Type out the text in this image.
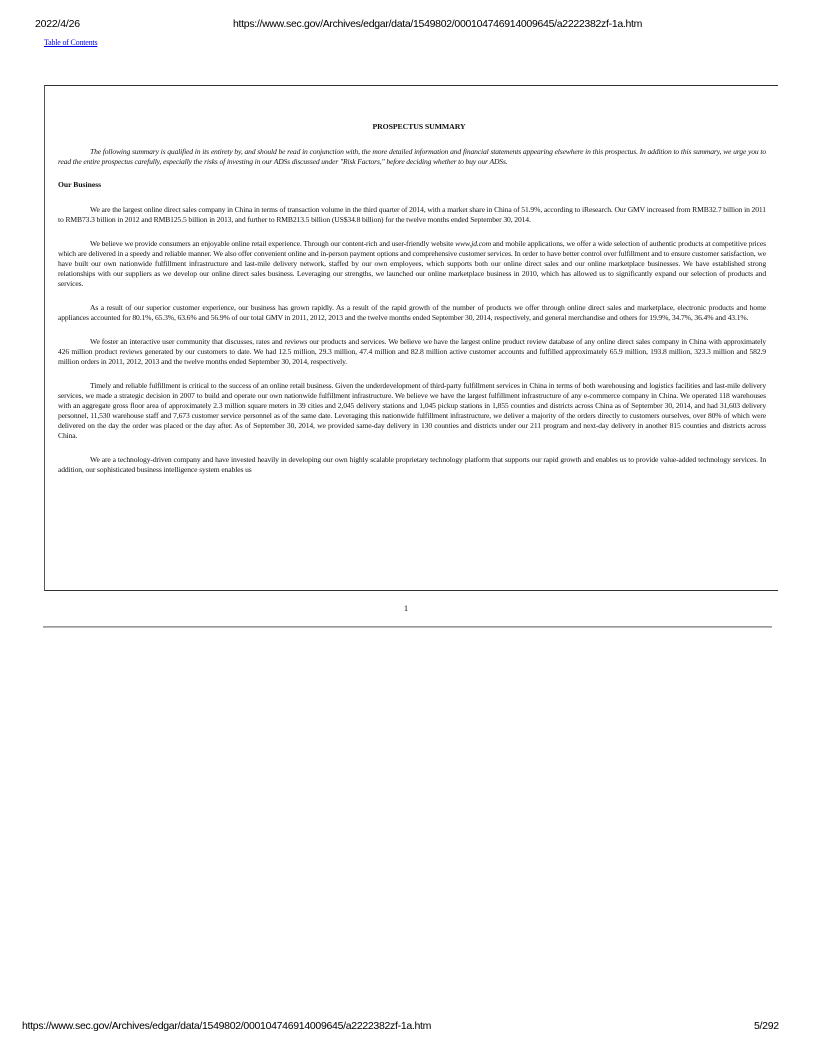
2022/4/26	https://www.sec.gov/Archives/edgar/data/1549802/000104746914009645/a2222382zf-1a.htm
Table of Contents
PROSPECTUS SUMMARY
The following summary is qualified in its entirety by, and should be read in conjunction with, the more detailed information and financial statements appearing elsewhere in this prospectus. In addition to this summary, we urge you to read the entire prospectus carefully, especially the risks of investing in our ADSs discussed under "Risk Factors," before deciding whether to buy our ADSs.
Our Business
We are the largest online direct sales company in China in terms of transaction volume in the third quarter of 2014, with a market share in China of 51.9%, according to iResearch. Our GMV increased from RMB32.7 billion in 2011 to RMB73.3 billion in 2012 and RMB125.5 billion in 2013, and further to RMB213.5 billion (US$34.8 billion) for the twelve months ended September 30, 2014.
We believe we provide consumers an enjoyable online retail experience. Through our content-rich and user-friendly website www.jd.com and mobile applications, we offer a wide selection of authentic products at competitive prices which are delivered in a speedy and reliable manner. We also offer convenient online and in-person payment options and comprehensive customer services. In order to have better control over fulfillment and to ensure customer satisfaction, we have built our own nationwide fulfillment infrastructure and last-mile delivery network, staffed by our own employees, which supports both our online direct sales and our online marketplace businesses. We have established strong relationships with our suppliers as we develop our online direct sales business. Leveraging our strengths, we launched our online marketplace business in 2010, which has allowed us to significantly expand our selection of products and services.
As a result of our superior customer experience, our business has grown rapidly. As a result of the rapid growth of the number of products we offer through online direct sales and marketplace, electronic products and home appliances accounted for 80.1%, 65.3%, 63.6% and 56.9% of our total GMV in 2011, 2012, 2013 and the twelve months ended September 30, 2014, respectively, and general merchandise and others for 19.9%, 34.7%, 36.4% and 43.1%.
We foster an interactive user community that discusses, rates and reviews our products and services. We believe we have the largest online product review database of any online direct sales company in China with approximately 426 million product reviews generated by our customers to date. We had 12.5 million, 29.3 million, 47.4 million and 82.8 million active customer accounts and fulfilled approximately 65.9 million, 193.8 million, 323.3 million and 582.9 million orders in 2011, 2012, 2013 and the twelve months ended September 30, 2014, respectively.
Timely and reliable fulfillment is critical to the success of an online retail business. Given the underdevelopment of third-party fulfillment services in China in terms of both warehousing and logistics facilities and last-mile delivery services, we made a strategic decision in 2007 to build and operate our own nationwide fulfillment infrastructure. We believe we have the largest fulfillment infrastructure of any e-commerce company in China. We operated 118 warehouses with an aggregate gross floor area of approximately 2.3 million square meters in 39 cities and 2,045 delivery stations and 1,045 pickup stations in 1,855 counties and districts across China as of September 30, 2014, and had 31,603 delivery personnel, 11,530 warehouse staff and 7,673 customer service personnel as of the same date. Leveraging this nationwide fulfillment infrastructure, we deliver a majority of the orders directly to customers ourselves, over 80% of which were delivered on the day the order was placed or the day after. As of September 30, 2014, we provided same-day delivery in 130 counties and districts under our 211 program and next-day delivery in another 815 counties and districts across China.
We are a technology-driven company and have invested heavily in developing our own highly scalable proprietary technology platform that supports our rapid growth and enables us to provide value-added technology services. In addition, our sophisticated business intelligence system enables us
1
https://www.sec.gov/Archives/edgar/data/1549802/000104746914009645/a2222382zf-1a.htm	5/292
